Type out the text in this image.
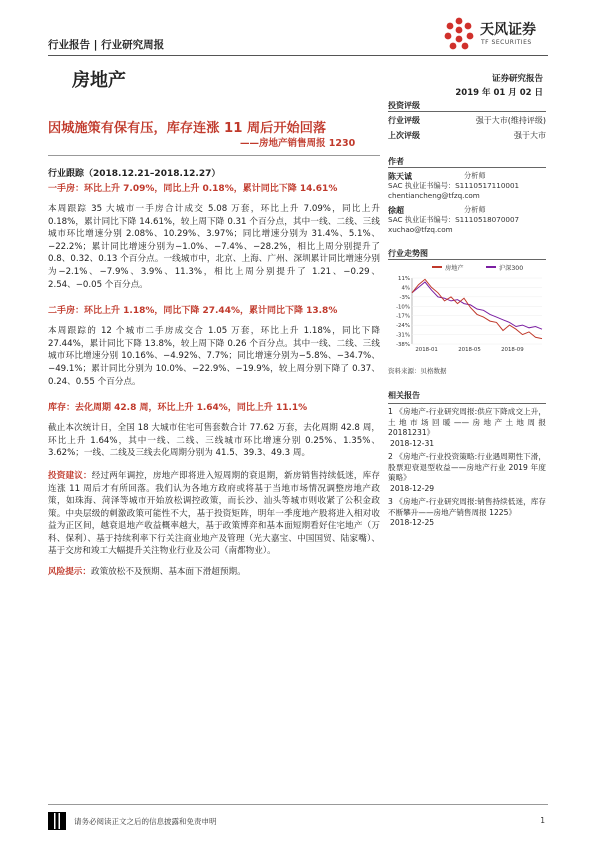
行业报告 | 行业研究周报
天风证券
TF SECURITIES
房地产	证券研究报告
2019 年 01 月 02 日
因城施策有保有压，库存连涨 11 周后开始回落
——房地产销售周报 1230
投资评级
行业评级	强于大市(维持评级)
上次评级	强于大市
作者
陈天诚	分析师
SAC 执业证书编号：S1110517110001
chentiancheng@tfzq.com
徐超	分析师
SAC 执业证书编号：S1110518070007
xuchao@tfzq.com
行业走势图
房地产	沪深300
11%
4%
-3%
-10%
-17%
-24%
-31%
-38%
2018-01	2018-05	2018-09
资料来源：贝格数据
相关报告
1 《房地产-行业研究周报:供应下降成交上升，土地市场回暖——房地产土地周报 20181231》
2018-12-31
2 《房地产-行业投资策略:行业遇周期性下滑，股票迎衰退型收益——房地产行业 2019 年度策略》
2018-12-29
3 《房地产-行业研究周报:销售持续低迷，库存不断攀升——房地产销售周报 1225》
2018-12-25
行业跟踪（2018.12.21–2018.12.27）
一手房：环比上升 7.09%，同比上升 0.18%，累计同比下降 14.61%

本周跟踪 35 大城市一手房合计成交 5.08 万套，环比上升 7.09%，同比上升 0.18%，累计同比下降 14.61%，较上周下降 0.31 个百分点，其中一线、二线、三线城市环比增速分别 2.08%、10.29%、3.97%；同比增速分别为 31.4%、5.1%、−22.2%；累计同比增速分别为−1.0%、−7.4%、−28.2%，相比上周分别提升了 0.8、0.32、0.13 个百分点。一线城市中，北京、上海、广州、深圳累计同比增速分别为−2.1%、−7.9%、3.9%、11.3%，相比上周分别提升了 1.21、−0.29、2.54、−0.05 个百分点。

二手房：环比上升 1.18%，同比下降 27.44%，累计同比下降 13.8%

本周跟踪的 12 个城市二手房成交合 1.05 万套，环比上升 1.18%，同比下降 27.44%，累计同比下降 13.8%，较上周下降 0.26 个百分点。其中一线、二线、三线城市环比增速分别 10.16%、−4.92%、7.7%；同比增速分别为−5.8%、−34.7%、−49.1%；累计同比分别为 10.0%、−22.9%、−19.9%，较上周分别下降了 0.37、0.24、0.55 个百分点。

库存：去化周期 42.8 周，环比上升 1.64%，同比上升 11.1%

截止本次统计日，全国 18 大城市住宅可售套数合计 77.62 万套，去化周期 42.8 周，环比上升 1.64%，其中一线、二线、三线城市环比增速分别 0.25%、1.35%、3.62%；一线、二线及三线去化周期分别为 41.5、39.3、49.3 周。

投资建议：经过两年调控，房地产即将进入短周期的衰退期，新房销售持续低迷，库存连涨 11 周后才有所回落。我们认为各地方政府或将基于当地市场情况调整房地产政策，如珠海、菏泽等城市开始放松调控政策，而长沙、汕头等城市则收紧了公积金政策。中央层级的刺激政策可能性不大，基于投资矩阵，明年一季度地产股将进入相对收益为正区间，越衰退地产收益概率越大，基于政策博弈和基本面短期看好住宅地产（万科、保利）、基于持续利率下行关注商业地产及管理（光大嘉宝、中国国贸、陆家嘴）、基于交房和竣工大幅提升关注物业行业及公司（南都物业）。

风险提示：政策放松不及预期、基本面下滑超预期。

请务必阅读正文之后的信息披露和免责申明	1
